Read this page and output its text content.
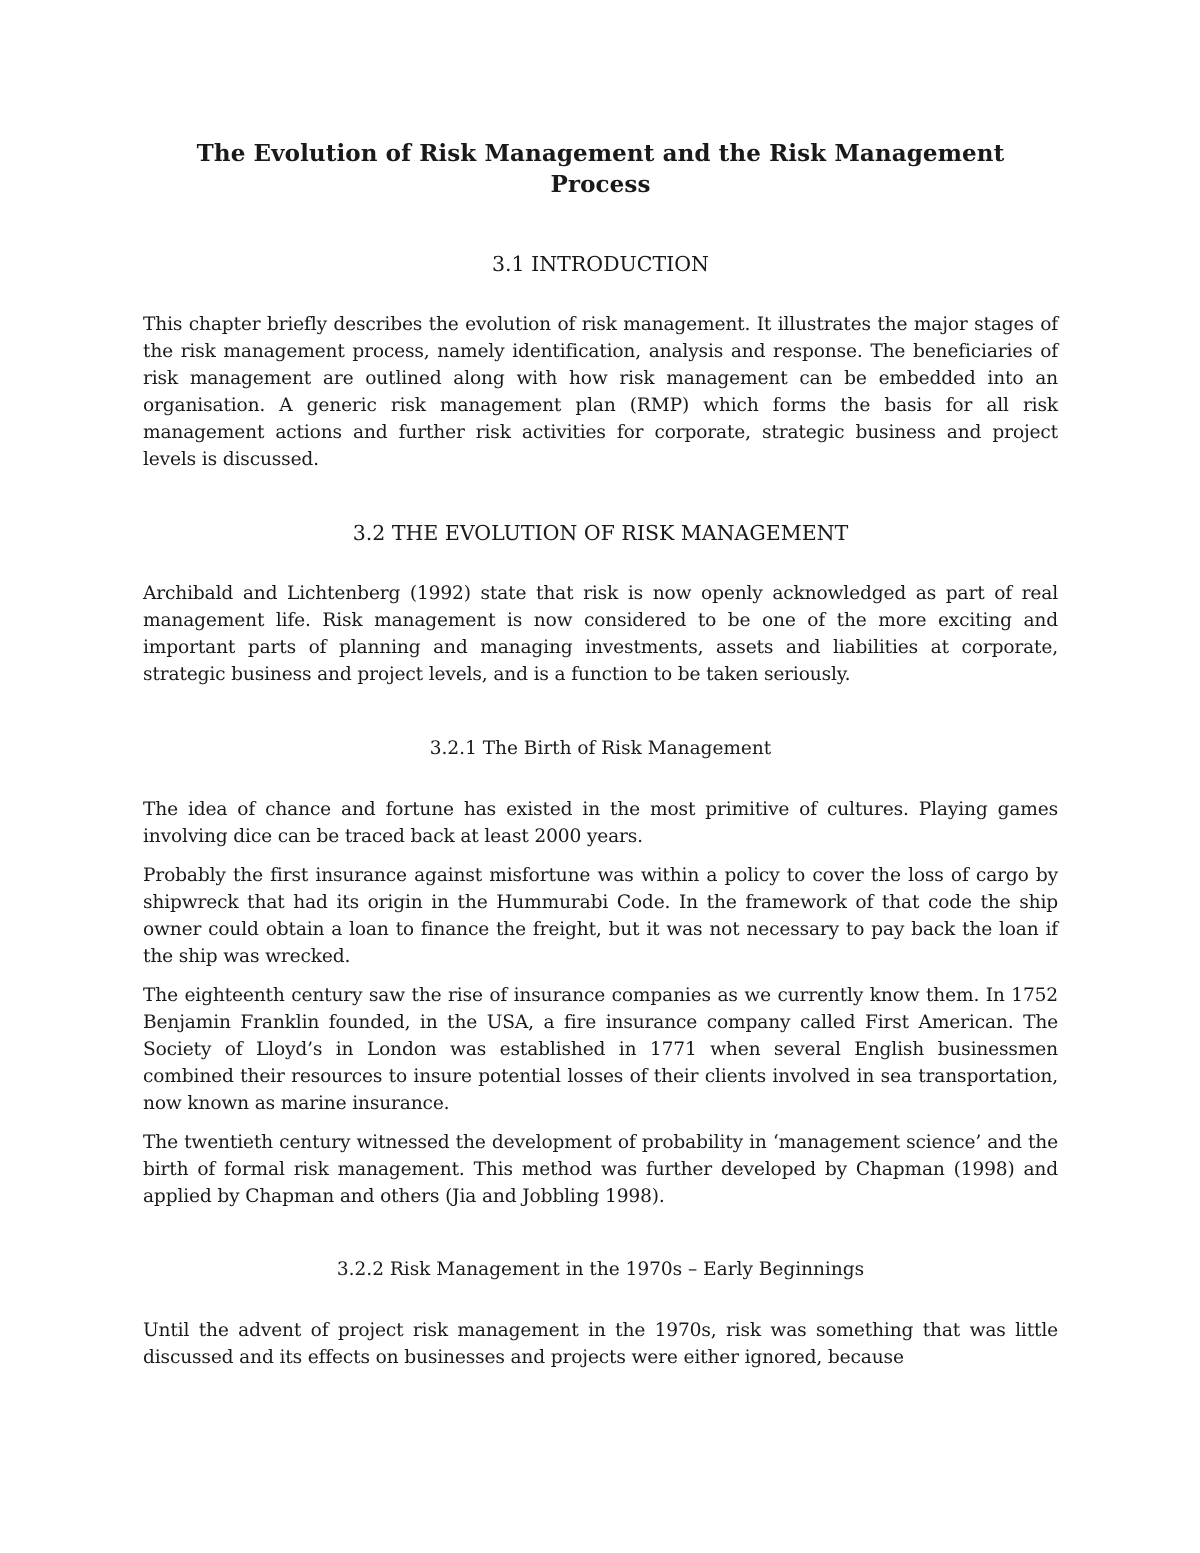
The Evolution of Risk Management and the Risk Management Process
3.1 INTRODUCTION

This chapter briefly describes the evolution of risk management. It illustrates the major stages of the risk management process, namely identification, analysis and response. The beneficiaries of risk management are outlined along with how risk management can be embedded into an organisation. A generic risk management plan (RMP) which forms the basis for all risk management actions and further risk activities for corporate, strategic business and project levels is discussed.

3.2 THE EVOLUTION OF RISK MANAGEMENT

Archibald and Lichtenberg (1992) state that risk is now openly acknowledged as part of real management life. Risk management is now considered to be one of the more exciting and important parts of planning and managing investments, assets and liabilities at corporate, strategic business and project levels, and is a function to be taken seriously.

3.2.1 The Birth of Risk Management

The idea of chance and fortune has existed in the most primitive of cultures. Playing games involving dice can be traced back at least 2000 years.

Probably the first insurance against misfortune was within a policy to cover the loss of cargo by shipwreck that had its origin in the Hummurabi Code. In the framework of that code the ship owner could obtain a loan to finance the freight, but it was not necessary to pay back the loan if the ship was wrecked.

The eighteenth century saw the rise of insurance companies as we currently know them. In 1752 Benjamin Franklin founded, in the USA, a fire insurance company called First American. The Society of Lloyd’s in London was established in 1771 when several English businessmen combined their resources to insure potential losses of their clients involved in sea transportation, now known as marine insurance.

The twentieth century witnessed the development of probability in ‘management science’ and the birth of formal risk management. This method was further developed by Chapman (1998) and applied by Chapman and others (Jia and Jobbling 1998).

3.2.2 Risk Management in the 1970s – Early Beginnings

Until the advent of project risk management in the 1970s, risk was something that was little discussed and its effects on businesses and projects were either ignored, because
